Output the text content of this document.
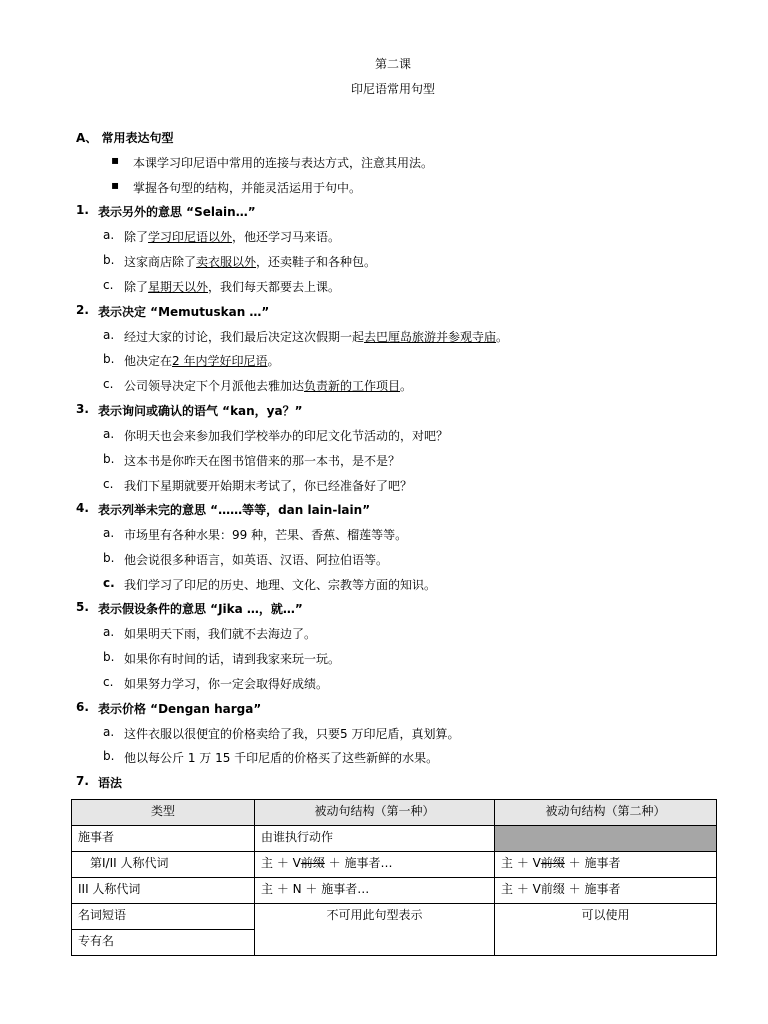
第二课
印尼语常用句型
A、 常用表达句型
▪ 本课学习印尼语中常用的连接与表达方式，注意其用法。
▪ 掌握各句型的结构，并能灵活运用于句中。
1. 表示另外的意思 “Selain…”
a. 除了学习印尼语以外，他还学习马来语。
b. 这家商店除了卖衣服以外，还卖鞋子和各种包。
c. 除了星期天以外，我们每天都要去上课。
2. 表示决定 “Memutuskan …”
a. 经过大家的讨论，我们最后决定这次假期一起去巴厘岛旅游并参观寺庙。
b. 他决定在2 年内学好印尼语。
c. 公司领导决定下个月派他去雅加达负责新的工作项目。
3. 表示询问或确认的语气 “kan，ya？”
a. 你明天也会来参加我们学校举办的印尼文化节活动的，对吧？
b. 这本书是你昨天在图书馆借来的那一本书，是不是？
c. 我们下星期就要开始期末考试了，你已经准备好了吧？
4. 表示列举未完的意思 “……等等，dan lain-lain”
a. 市场里有各种水果：99 种，芒果、香蕉、榴莲等等。
b. 他会说很多种语言，如英语、汉语、阿拉伯语等。
c. 我们学习了印尼的历史、地理、文化、宗教等方面的知识。
5. 表示假设条件的意思 “Jika …，就…”
a. 如果明天下雨，我们就不去海边了。
b. 如果你有时间的话，请到我家来玩一玩。
c. 如果努力学习，你一定会取得好成绩。
6. 表示价格 “Dengan harga”
a. 这件衣服以很便宜的价格卖给了我，只要5 万印尼盾，真划算。
b. 他以每公斤 1 万 15 千印尼盾的价格买了这些新鲜的水果。
7. 语法
类型	被动句结构（第一种）	被动句结构（第二种）
施事者	由谁执行动作	
第I/II 人称代词	主 ＋ V前缀 ＋ 施事者…	主 ＋ V前缀 ＋ 施事者
III 人称代词	主 ＋ N ＋ 施事者…	主 ＋ V前缀 ＋ 施事者
名词短语	不可用此句型表示	可以使用
专有名		
